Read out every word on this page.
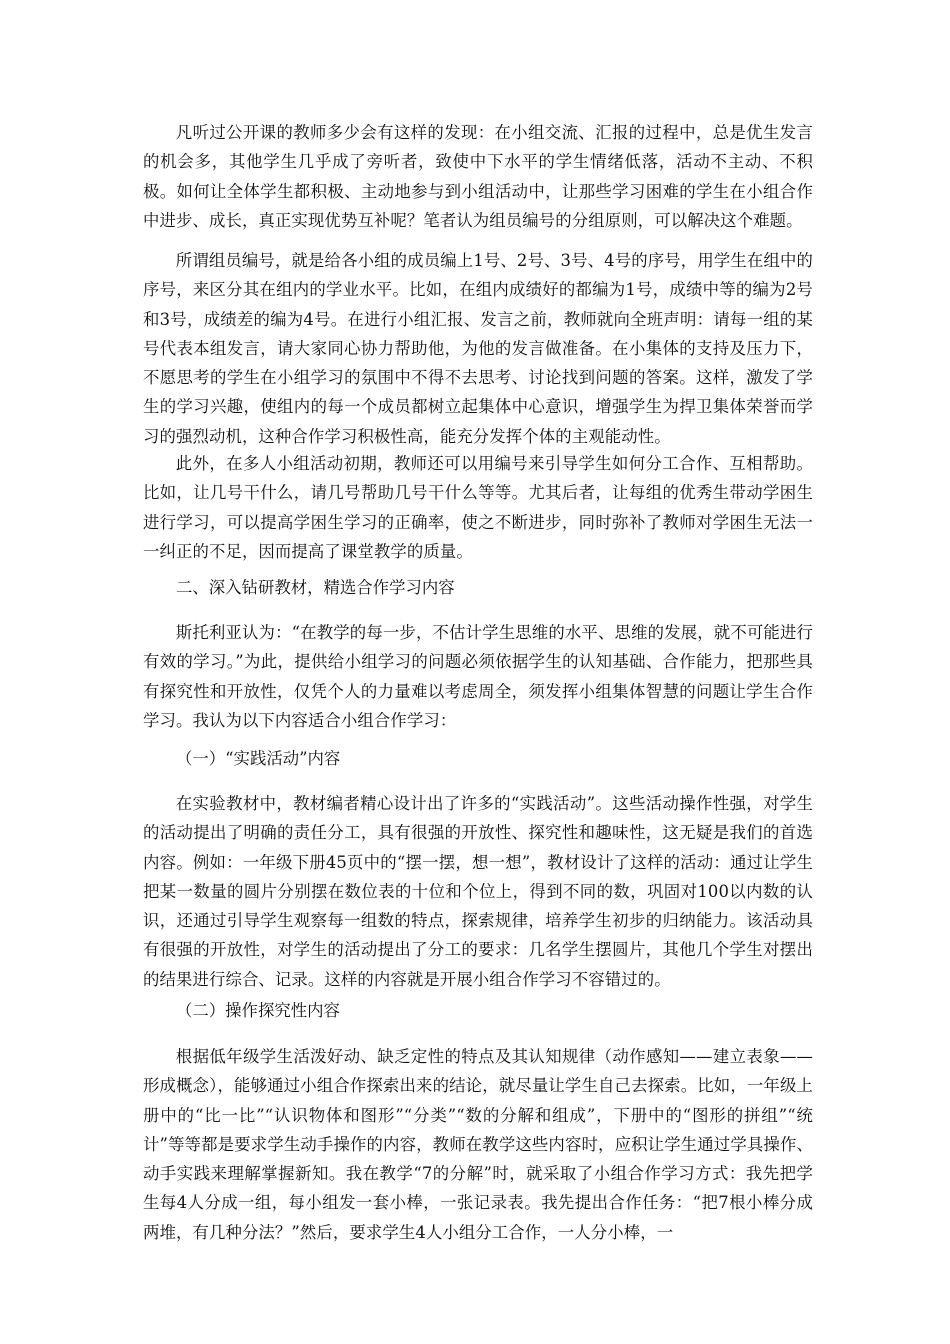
凡听过公开课的教师多少会有这样的发现：在小组交流、汇报的过程中，总是优生发言的机会多，其他学生几乎成了旁听者，致使中下水平的学生情绪低落，活动不主动、不积极。如何让全体学生都积极、主动地参与到小组活动中，让那些学习困难的学生在小组合作中进步、成长，真正实现优势互补呢？笔者认为组员编号的分组原则，可以解决这个难题。

所谓组员编号，就是给各小组的成员编上1号、2号、3号、4号的序号，用学生在组中的序号，来区分其在组内的学业水平。比如，在组内成绩好的都编为1号，成绩中等的编为2号和3号，成绩差的编为4号。在进行小组汇报、发言之前，教师就向全班声明：请每一组的某号代表本组发言，请大家同心协力帮助他，为他的发言做准备。在小集体的支持及压力下，不愿思考的学生在小组学习的氛围中不得不去思考、讨论找到问题的答案。这样，激发了学生的学习兴趣，使组内的每一个成员都树立起集体中心意识，增强学生为捍卫集体荣誉而学习的强烈动机，这种合作学习积极性高，能充分发挥个体的主观能动性。

此外，在多人小组活动初期，教师还可以用编号来引导学生如何分工合作、互相帮助。比如，让几号干什么，请几号帮助几号干什么等等。尤其后者，让每组的优秀生带动学困生进行学习，可以提高学困生学习的正确率，使之不断进步，同时弥补了教师对学困生无法一一纠正的不足，因而提高了课堂教学的质量。

二、深入钻研教材，精选合作学习内容

斯托利亚认为：“在教学的每一步，不估计学生思维的水平、思维的发展，就不可能进行有效的学习。”为此，提供给小组学习的问题必须依据学生的认知基础、合作能力，把那些具有探究性和开放性，仅凭个人的力量难以考虑周全，须发挥小组集体智慧的问题让学生合作学习。我认为以下内容适合小组合作学习：

（一）“实践活动”内容

在实验教材中，教材编者精心设计出了许多的“实践活动”。这些活动操作性强，对学生的活动提出了明确的责任分工，具有很强的开放性、探究性和趣味性，这无疑是我们的首选内容。例如：一年级下册45页中的“摆一摆，想一想”，教材设计了这样的活动：通过让学生把某一数量的圆片分别摆在数位表的十位和个位上，得到不同的数，巩固对100以内数的认识，还通过引导学生观察每一组数的特点，探索规律，培养学生初步的归纳能力。该活动具有很强的开放性，对学生的活动提出了分工的要求：几名学生摆圆片，其他几个学生对摆出的结果进行综合、记录。这样的内容就是开展小组合作学习不容错过的。

（二）操作探究性内容

根据低年级学生活泼好动、缺乏定性的特点及其认知规律（动作感知——建立表象——形成概念），能够通过小组合作探索出来的结论，就尽量让学生自己去探索。比如，一年级上册中的“比一比”“认识物体和图形”“分类”“数的分解和组成”，下册中的“图形的拼组”“统计”等等都是要求学生动手操作的内容，教师在教学这些内容时，应积让学生通过学具操作、动手实践来理解掌握新知。我在教学“7的分解”时，就采取了小组合作学习方式：我先把学生每4人分成一组，每小组发一套小棒，一张记录表。我先提出合作任务：“把7根小棒分成两堆，有几种分法？”然后，要求学生4人小组分工合作，一人分小棒，一
